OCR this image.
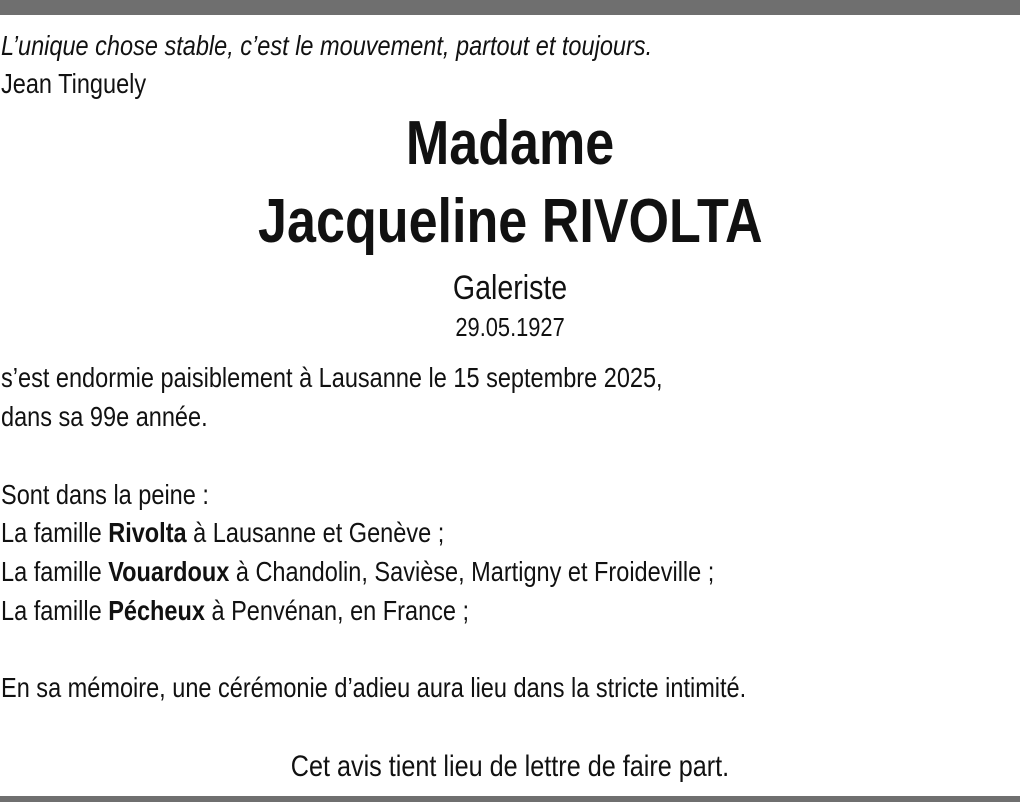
L’unique chose stable, c’est le mouvement, partout et toujours.
Jean Tinguely
Madame
Jacqueline RIVOLTA
Galeriste
29.05.1927
s’est endormie paisiblement à Lausanne le 15 septembre 2025,
dans sa 99e année.
Sont dans la peine :
La famille Rivolta à Lausanne et Genève ;
La famille Vouardoux à Chandolin, Savièse, Martigny et Froideville ;
La famille Pécheux à Penvénan, en France ;
En sa mémoire, une cérémonie d’adieu aura lieu dans la stricte intimité.
Cet avis tient lieu de lettre de faire part.
